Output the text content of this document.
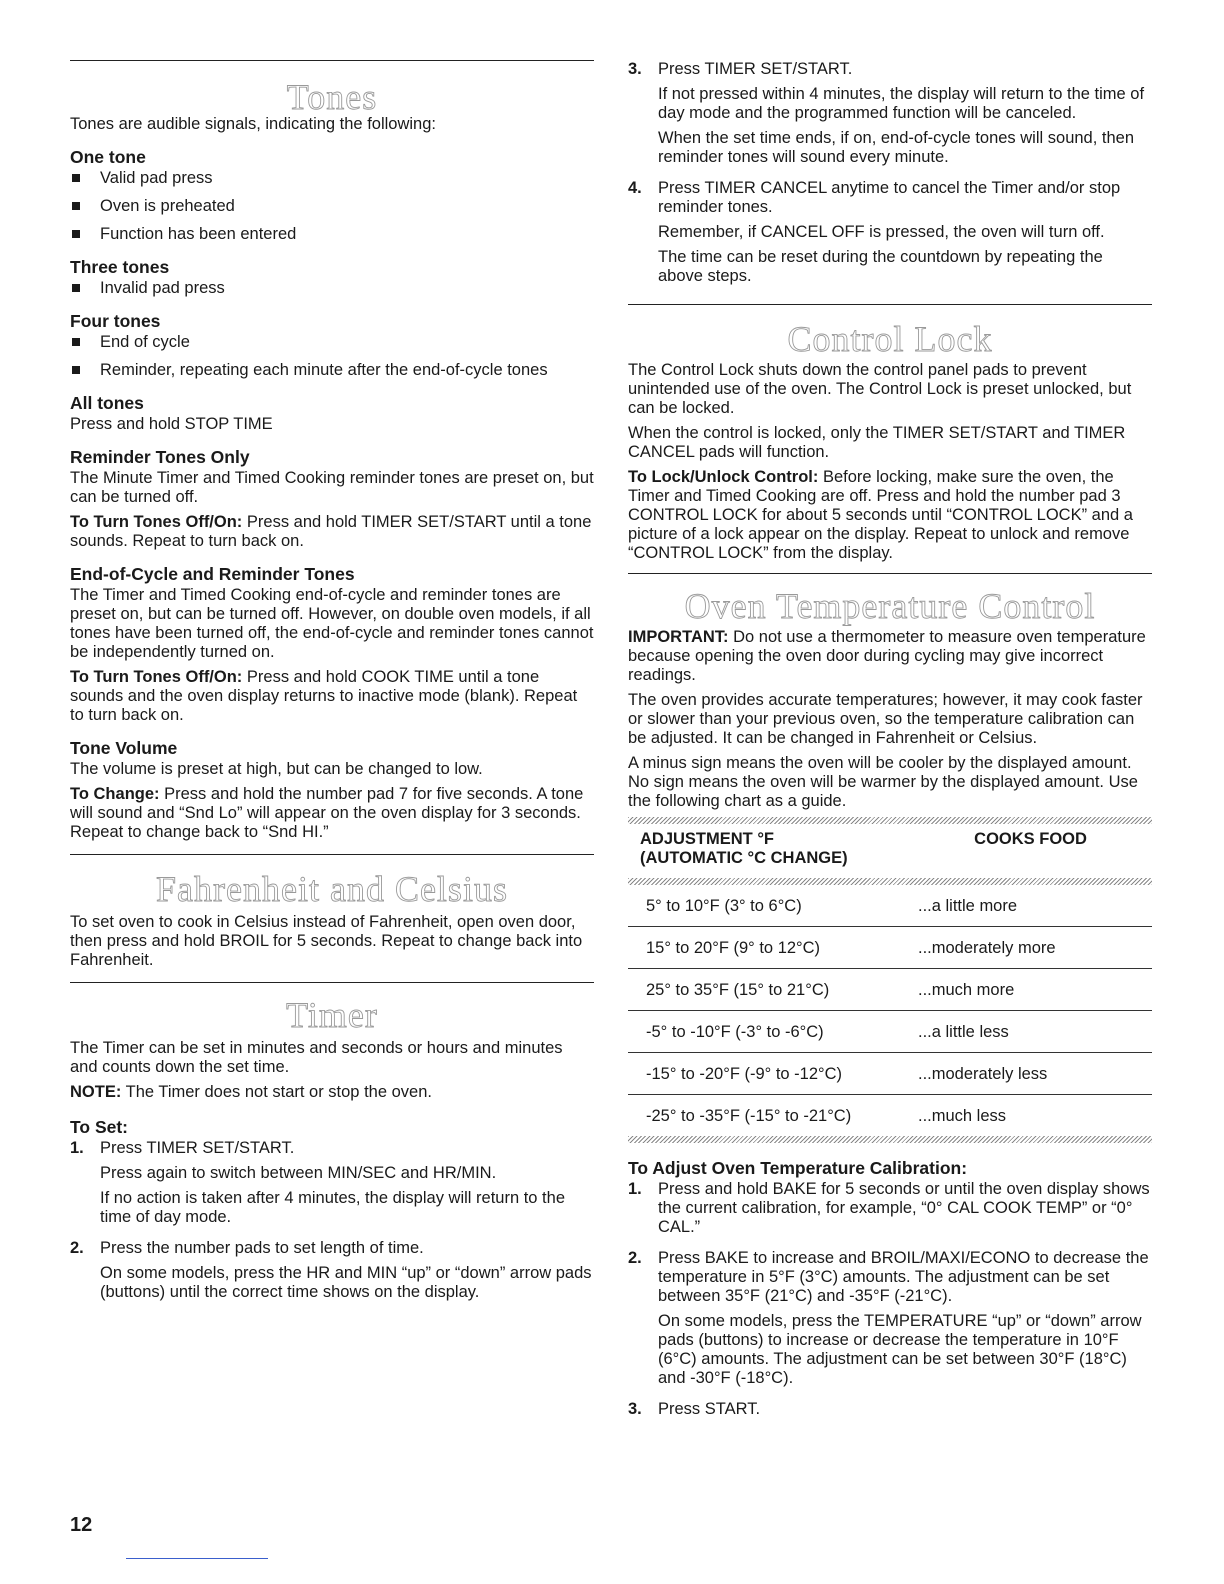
Tones

Tones are audible signals, indicating the following:

One tone
Valid pad press
Oven is preheated
Function has been entered
Three tones
Invalid pad press
Four tones
End of cycle
Reminder, repeating each minute after the end-of-cycle tones
All tones

Press and hold STOP TIME

Reminder Tones Only

The Minute Timer and Timed Cooking reminder tones are preset on, but can be turned off.

To Turn Tones Off/On: Press and hold TIMER SET/START until a tone sounds. Repeat to turn back on.

End-of-Cycle and Reminder Tones

The Timer and Timed Cooking end-of-cycle and reminder tones are preset on, but can be turned off. However, on double oven models, if all tones have been turned off, the end-of-cycle and reminder tones cannot be independently turned on.

To Turn Tones Off/On: Press and hold COOK TIME until a tone sounds and the oven display returns to inactive mode (blank). Repeat to turn back on.

Tone Volume

The volume is preset at high, but can be changed to low.

To Change: Press and hold the number pad 7 for five seconds. A tone will sound and “Snd Lo” will appear on the oven display for 3 seconds. Repeat to change back to “Snd HI.”

Fahrenheit and Celsius

To set oven to cook in Celsius instead of Fahrenheit, open oven door, then press and hold BROIL for 5 seconds. Repeat to change back into Fahrenheit.

Timer

The Timer can be set in minutes and seconds or hours and minutes and counts down the set time.

NOTE: The Timer does not start or stop the oven.

To Set:
1. Press TIMER SET/START.

Press again to switch between MIN/SEC and HR/MIN.

If no action is taken after 4 minutes, the display will return to the time of day mode.

2. Press the number pads to set length of time.

On some models, press the HR and MIN “up” or “down” arrow pads (buttons) until the correct time shows on the display.

3. Press TIMER SET/START.

If not pressed within 4 minutes, the display will return to the time of day mode and the programmed function will be canceled.

When the set time ends, if on, end-of-cycle tones will sound, then reminder tones will sound every minute.

4. Press TIMER CANCEL anytime to cancel the Timer and/or stop reminder tones.

Remember, if CANCEL OFF is pressed, the oven will turn off.

The time can be reset during the countdown by repeating the above steps.

Control Lock

The Control Lock shuts down the control panel pads to prevent unintended use of the oven. The Control Lock is preset unlocked, but can be locked.

When the control is locked, only the TIMER SET/START and TIMER CANCEL pads will function.

To Lock/Unlock Control: Before locking, make sure the oven, the Timer and Timed Cooking are off. Press and hold the number pad 3 CONTROL LOCK for about 5 seconds until “CONTROL LOCK” and a picture of a lock appear on the display. Repeat to unlock and remove “CONTROL LOCK” from the display.

Oven Temperature Control

IMPORTANT: Do not use a thermometer to measure oven temperature because opening the oven door during cycling may give incorrect readings.

The oven provides accurate temperatures; however, it may cook faster or slower than your previous oven, so the temperature calibration can be adjusted. It can be changed in Fahrenheit or Celsius.

A minus sign means the oven will be cooler by the displayed amount. No sign means the oven will be warmer by the displayed amount. Use the following chart as a guide.

ADJUSTMENT °F
(AUTOMATIC °C CHANGE)	COOKS FOOD
5° to 10°F (3° to 6°C)	...a little more
15° to 20°F (9° to 12°C)	...moderately more
25° to 35°F (15° to 21°C)	...much more
-5° to -10°F (-3° to -6°C)	...a little less
-15° to -20°F (-9° to -12°C)	...moderately less
-25° to -35°F (-15° to -21°C)	...much less
To Adjust Oven Temperature Calibration:
1. Press and hold BAKE for 5 seconds or until the oven display shows the current calibration, for example, “0° CAL COOK TEMP” or “0° CAL.”

2. Press BAKE to increase and BROIL/MAXI/ECONO to decrease the temperature in 5°F (3°C) amounts. The adjustment can be set between 35°F (21°C) and -35°F (-21°C).

On some models, press the TEMPERATURE “up” or “down” arrow pads (buttons) to increase or decrease the temperature in 10°F (6°C) amounts. The adjustment can be set between 30°F (18°C) and -30°F (-18°C).

3. Press START.

12
